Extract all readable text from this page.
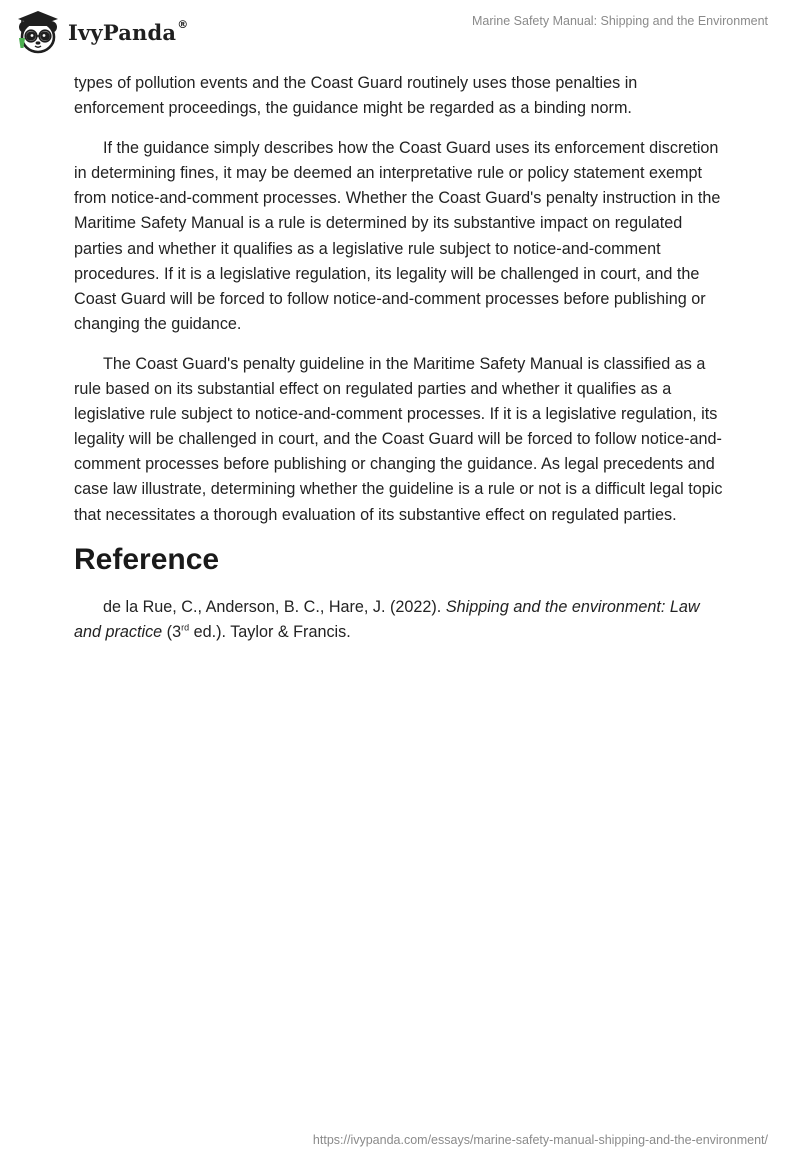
IvyPanda®	Marine Safety Manual: Shipping and the Environment

types of pollution events and the Coast Guard routinely uses those penalties in enforcement proceedings, the guidance might be regarded as a binding norm.

If the guidance simply describes how the Coast Guard uses its enforcement discretion in determining fines, it may be deemed an interpretative rule or policy statement exempt from notice-and-comment processes. Whether the Coast Guard's penalty instruction in the Maritime Safety Manual is a rule is determined by its substantive impact on regulated parties and whether it qualifies as a legislative rule subject to notice-and-comment procedures. If it is a legislative regulation, its legality will be challenged in court, and the Coast Guard will be forced to follow notice-and-comment processes before publishing or changing the guidance.

The Coast Guard's penalty guideline in the Maritime Safety Manual is classified as a rule based on its substantial effect on regulated parties and whether it qualifies as a legislative rule subject to notice-and-comment processes. If it is a legislative regulation, its legality will be challenged in court, and the Coast Guard will be forced to follow notice-and-comment processes before publishing or changing the guidance. As legal precedents and case law illustrate, determining whether the guideline is a rule or not is a difficult legal topic that necessitates a thorough evaluation of its substantive effect on regulated parties.

Reference

de la Rue, C., Anderson, B. C., Hare, J. (2022). Shipping and the environment: Law and practice (3rd ed.). Taylor & Francis.

https://ivypanda.com/essays/marine-safety-manual-shipping-and-the-environment/
